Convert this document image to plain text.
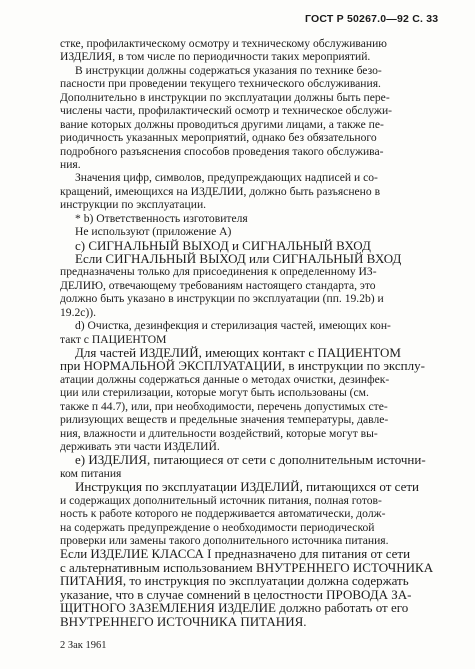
ГОСТ Р 50267.0—92 С. 33
2 Зак 1961
стке, профилактическому осмотру и техническому обслуживанию
ИЗДЕЛИЯ, в том числе по периодичности таких мероприятий.
В инструкции должны содержаться указания по технике безо-
пасности при проведении текущего технического обслуживания.
Дополнительно в инструкции по эксплуатации должны быть пере-
числены части, профилактический осмотр и техническое обслужи-
вание которых должны проводиться другими лицами, а также пе-
риодичность указанных мероприятий, однако без обязательного
подробного разъяснения способов проведения такого обслужива-
ния.
Значения цифр, символов, предупреждающих надписей и со-
кращений, имеющихся на ИЗДЕЛИИ, должно быть разъяснено в
инструкции по эксплуатации.
* b) Ответственность изготовителя
Не используют (приложение А)
с) СИГНАЛЬНЫЙ ВЫХОД и СИГНАЛЬНЫЙ ВХОД
Если СИГНАЛЬНЫЙ ВЫХОД или СИГНАЛЬНЫЙ ВХОД
предназначены только для присоединения к определенному ИЗ-
ДЕЛИЮ, отвечающему требованиям настоящего стандарта, это
должно быть указано в инструкции по эксплуатации (пп. 19.2b) и
19.2с)).
d) Очистка, дезинфекция и стерилизация частей, имеющих кон-
такт с ПАЦИЕНТОМ
Для частей ИЗДЕЛИЙ, имеющих контакт с ПАЦИЕНТОМ
при НОРМАЛЬНОЙ ЭКСПЛУАТАЦИИ, в инструкции по эксплу-
атации должны содержаться данные о методах очистки, дезинфек-
ции или стерилизации, которые могут быть использованы (см.
также п 44.7), или, при необходимости, перечень допустимых сте-
рилизующих веществ и предельные значения температуры, давле-
ния, влажности и длительности воздействий, которые могут вы-
держивать эти части ИЗДЕЛИЙ.
е) ИЗДЕЛИЯ, питающиеся от сети с дополнительным источни-
ком питания
Инструкция по эксплуатации ИЗДЕЛИЙ, питающихся от сети
и содержащих дополнительный источник питания, полная готов-
ность к работе которого не поддерживается автоматически, долж-
на содержать предупреждение о необходимости периодической
проверки или замены такого дополнительного источника питания.
Если ИЗДЕЛИЕ КЛАССА I предназначено для питания от сети
с альтернативным использованием ВНУТРЕННЕГО ИСТОЧНИКА
ПИТАНИЯ, то инструкция по эксплуатации должна содержать
указание, что в случае сомнений в целостности ПРОВОДА ЗА-
ЩИТНОГО ЗАЗЕМЛЕНИЯ ИЗДЕЛИЕ должно работать от его
ВНУТРЕННЕГО ИСТОЧНИКА ПИТАНИЯ.
